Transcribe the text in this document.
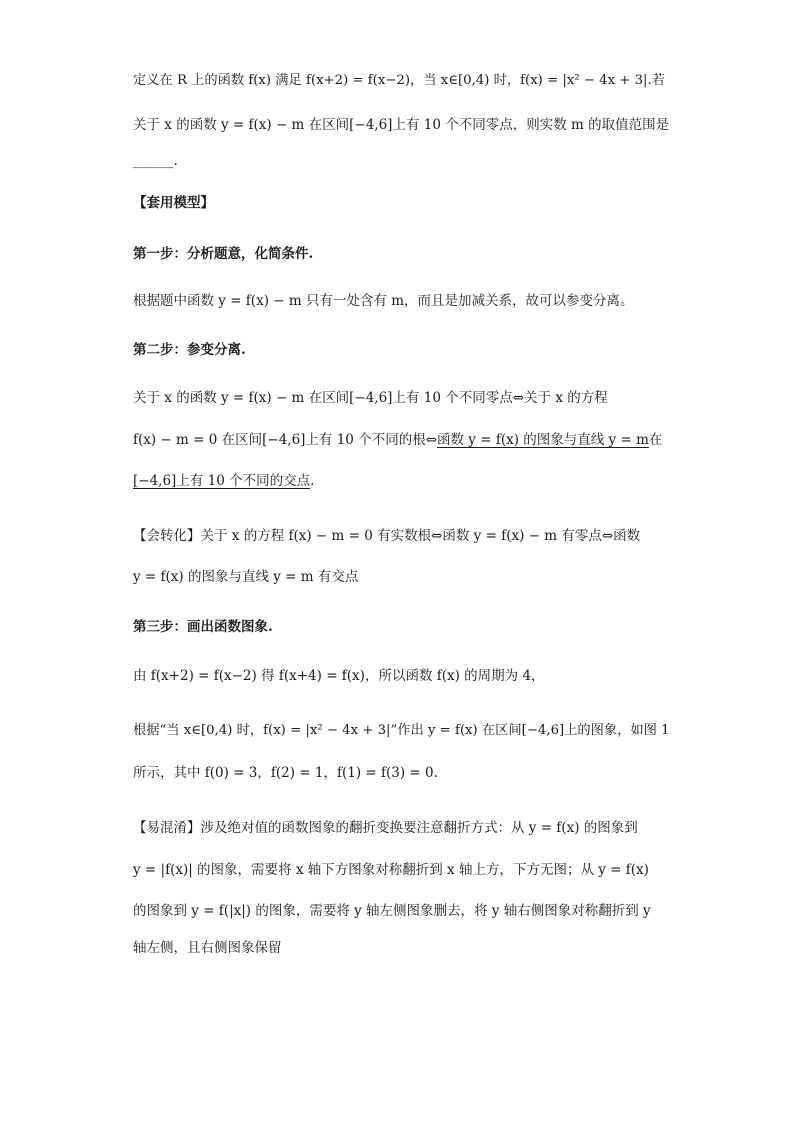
定义在 R 上的函数 f(x) 满足 f(x+2) = f(x−2)，当 x∈[0,4) 时，f(x) = |x² − 4x + 3|.若
关于 x 的函数 y = f(x) − m 在区间[−4,6]上有 10 个不同零点，则实数 m 的取值范围是
______.
【套用模型】
第一步：分析题意，化简条件.
根据题中函数 y = f(x) − m 只有一处含有 m，而且是加减关系，故可以参变分离。
第二步：参变分离.
关于 x 的函数 y = f(x) − m 在区间[−4,6]上有 10 个不同零点⇔关于 x 的方程
f(x) − m = 0 在区间[−4,6]上有 10 个不同的根⇔函数 y = f(x) 的图象与直线 y = m在
[−4,6]上有 10 个不同的交点.
【会转化】关于 x 的方程 f(x) − m = 0 有实数根⇔函数 y = f(x) − m 有零点⇔函数
y = f(x) 的图象与直线 y = m 有交点
第三步：画出函数图象.
由 f(x+2) = f(x−2) 得 f(x+4) = f(x)，所以函数 f(x) 的周期为 4，
根据“当 x∈[0,4) 时，f(x) = |x² − 4x + 3|”作出 y = f(x) 在区间[−4,6]上的图象，如图 1
所示，其中 f(0) = 3，f(2) = 1，f(1) = f(3) = 0.
【易混淆】涉及绝对值的函数图象的翻折变换要注意翻折方式：从 y = f(x) 的图象到
y = |f(x)| 的图象，需要将 x 轴下方图象对称翻折到 x 轴上方，下方无图；从 y = f(x)
的图象到 y = f(|x|) 的图象，需要将 y 轴左侧图象删去，将 y 轴右侧图象对称翻折到 y
轴左侧，且右侧图象保留
